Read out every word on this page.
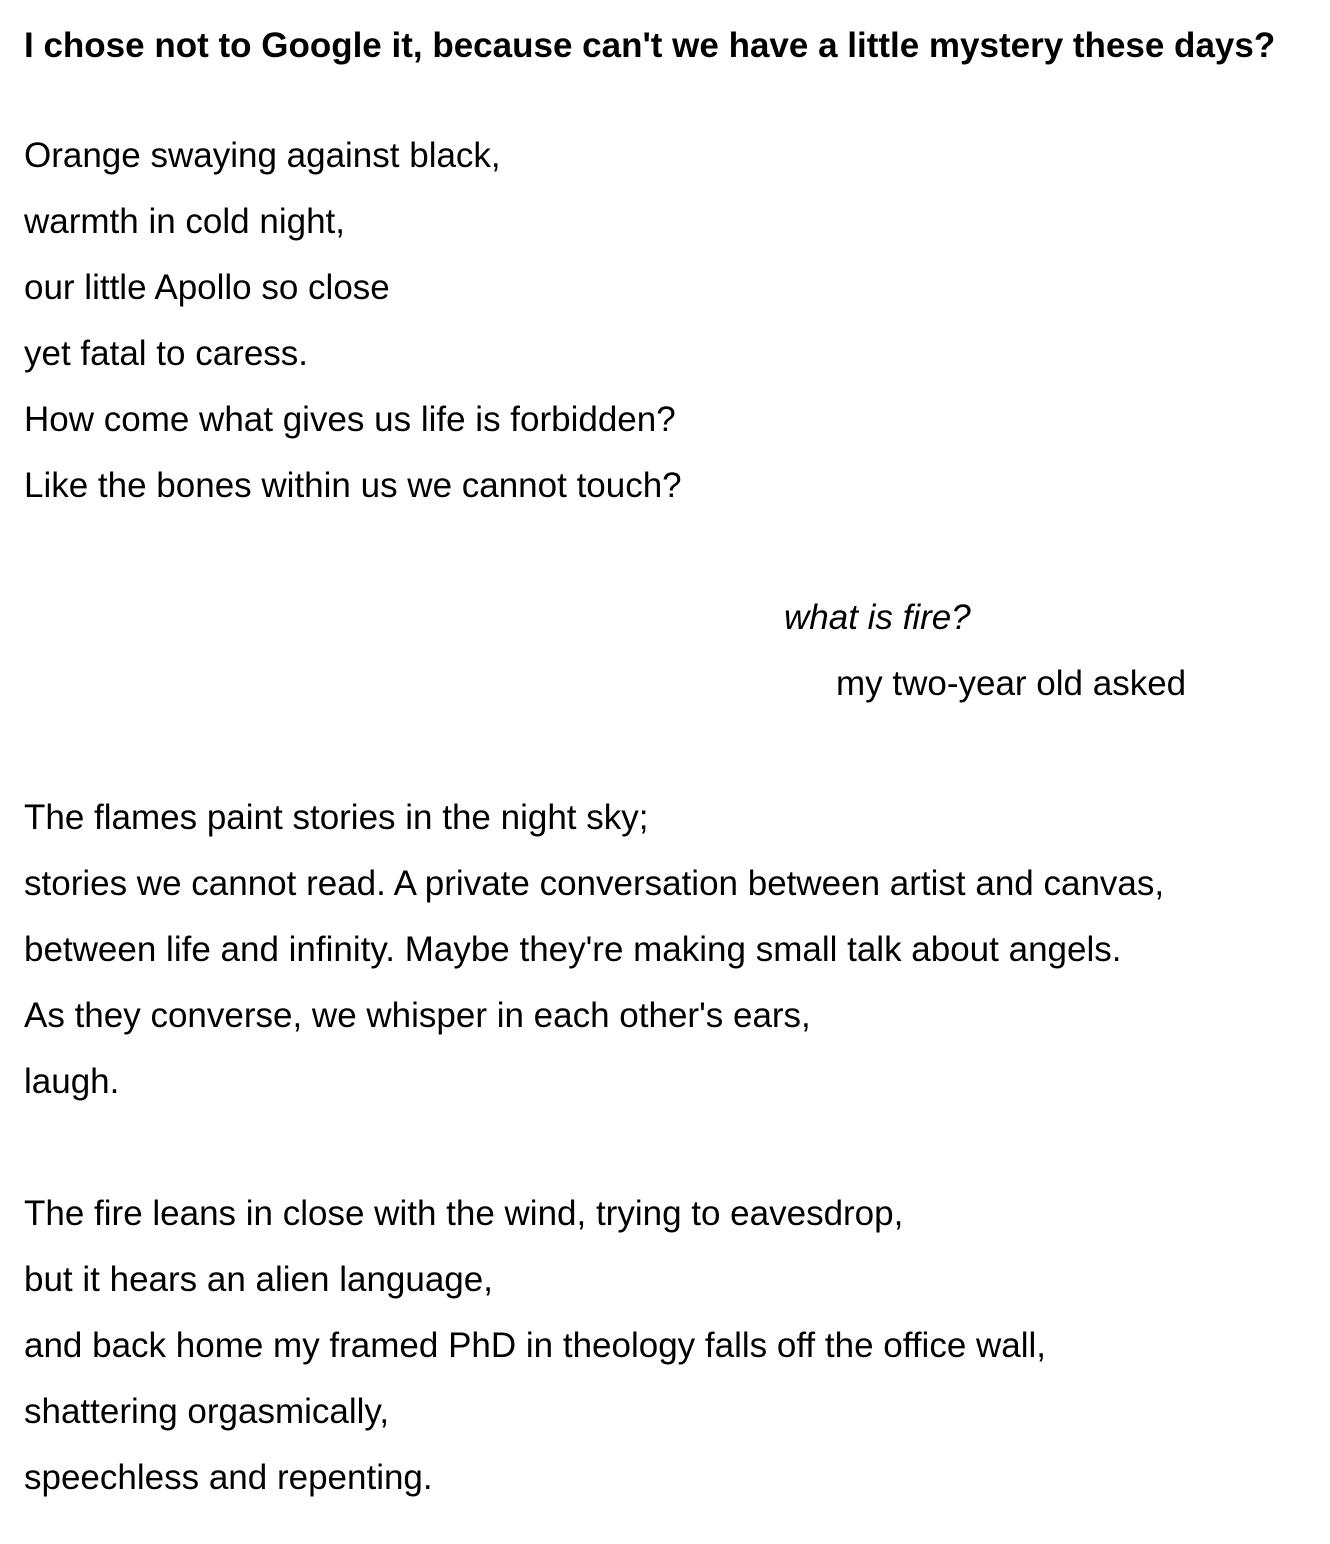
I chose not to Google it, because can't we have a little mystery these days?

Orange swaying against black,

warmth in cold night,

our little Apollo so close

yet fatal to caress.

How come what gives us life is forbidden?

Like the bones within us we cannot touch?

what is fire?

my two-year old asked

The flames paint stories in the night sky;

stories we cannot read. A private conversation between artist and canvas,

between life and infinity. Maybe they're making small talk about angels.

As they converse, we whisper in each other's ears,

laugh.

The fire leans in close with the wind, trying to eavesdrop,

but it hears an alien language,

and back home my framed PhD in theology falls off the office wall,

shattering orgasmically,

speechless and repenting.
